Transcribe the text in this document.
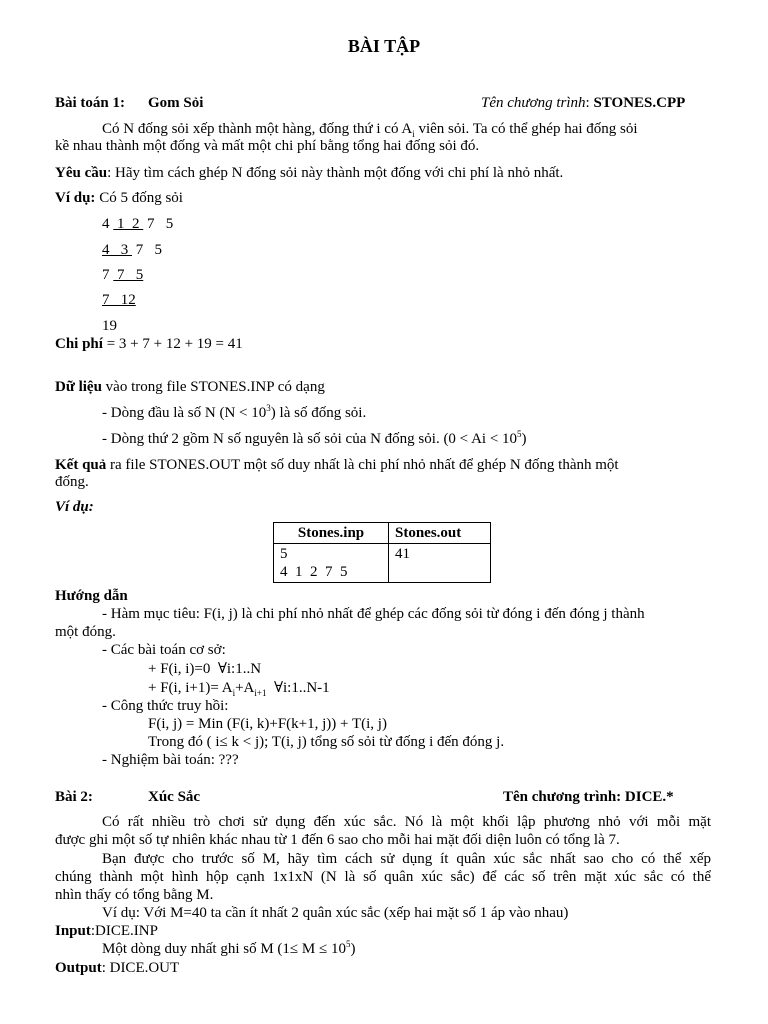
BÀI TẬP
Bài toán 1: Gom Sỏi	Tên chương trình: STONES.CPP
Có N đống sỏi xếp thành một hàng, đống thứ i có $A_i$ viên sỏi. Ta có thể ghép hai đống sỏi
kề nhau thành một đống và mất một chi phí bằng tổng hai đống sỏi đó.
Yêu cầu: Hãy tìm cách ghép N đống sỏi này thành một đống với chi phí là nhỏ nhất.
Ví dụ: Có 5 đống sỏi
4  1  2  7   5
4   3  7   5
7  7   5
7   12
19
Chi phí = 3 + 7 + 12 + 19 = 41
Dữ liệu vào trong file STONES.INP có dạng
- Dòng đầu là số N $(N < 10^3)$ là số đống sỏi.
- Dòng thứ 2 gồm N số nguyên là số sỏi của N đống sỏi. $(0 < Ai < 10^5)$
Kết quả ra file STONES.OUT một số duy nhất là chi phí nhỏ nhất để ghép N đống thành một
đống.
Ví dụ:
Stones.inp	Stones.out

5
4  1  2  7  5	41
Hướng dẫn
- Hàm mục tiêu: F(i, j) là chi phí nhỏ nhất để ghép các đống sỏi từ đóng i đến đóng j thành
một đóng.
- Các bài toán cơ sở:
+ F(i, i)=0  ∀i:1..N
+ F(i, $i+1)= A_i+A_{i+1}$  ∀i:1..N-1
- Công thức truy hồi:
F(i, j) = Min (F(i, k)+F(k+1, j)) + T(i, j)
Trong đó ( i≤ k < j); T(i, j) tổng số sỏi từ đống i đến đóng j.
- Nghiệm bài toán: ???
Bài 2:	Xúc Sắc	Tên chương trình: DICE.*
Có rất nhiều trò chơi sử dụng đến xúc sắc. Nó là một khối lập phương nhỏ với mỗi mặt
được ghi một số tự nhiên khác nhau từ 1 đến 6 sao cho mỗi hai mặt đối diện luôn có tổng là 7.
Bạn được cho trước số M, hãy tìm cách sử dụng ít quân xúc sắc nhất sao cho có thể xếp
chúng thành một hình hộp cạnh 1x1xN (N là số quân xúc sắc) để các số trên mặt xúc sắc có thể
nhìn thấy có tổng bằng M.
Ví dụ: Với M=40 ta cần ít nhất 2 quân xúc sắc (xếp hai mặt số 1 áp vào nhau)
Input:DICE.INP
Một dòng duy nhất ghi số M $(1\le M \le 10^5)$
Output: DICE.OUT
